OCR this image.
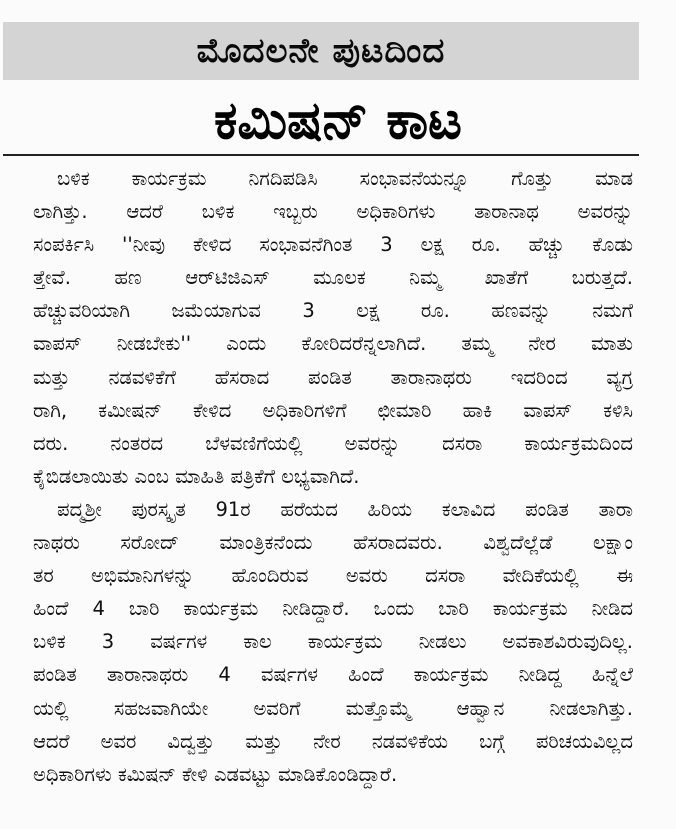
ಮೊದಲನೇ ಪುಟದಿಂದ
ಕಮಿಷನ್ ಕಾಟ
ಬಳಿಕ ಕಾರ್ಯಕ್ರಮ ನಿಗದಿಪಡಿಸಿ ಸಂಭಾವನೆಯನ್ನೂ ಗೊತ್ತು ಮಾಡ
ಲಾಗಿತ್ತು. ಆದರೆ ಬಳಿಕ ಇಬ್ಬರು ಅಧಿಕಾರಿಗಳು ತಾರಾನಾಥ ಅವರನ್ನು
ಸಂಪರ್ಕಿಸಿ ''ನೀವು ಕೇಳಿದ ಸಂಭಾವನೆಗಿಂತ 3 ಲಕ್ಷ ರೂ. ಹೆಚ್ಚು ಕೊಡು
ತ್ತೇವೆ. ಹಣ ಆರ್‌ಟಿಜಿಎಸ್ ಮೂಲಕ ನಿಮ್ಮ ಖಾತೆಗೆ ಬರುತ್ತದೆ.
ಹೆಚ್ಚುವರಿಯಾಗಿ ಜಮೆಯಾಗುವ 3 ಲಕ್ಷ ರೂ. ಹಣವನ್ನು ನಮಗೆ
ವಾಪಸ್ ನೀಡಬೇಕು'' ಎಂದು ಕೋರಿದರೆನ್ನಲಾಗಿದೆ. ತಮ್ಮ ನೇರ ಮಾತು
ಮತ್ತು ನಡವಳಿಕೆಗೆ ಹೆಸರಾದ ಪಂಡಿತ ತಾರಾನಾಥರು ಇದರಿಂದ ವ್ಯಗ್ರ
ರಾಗಿ, ಕಮೀಷನ್ ಕೇಳಿದ ಅಧಿಕಾರಿಗಳಿಗೆ ಛೀಮಾರಿ ಹಾಕಿ ವಾಪಸ್ ಕಳಿಸಿ
ದರು. ನಂತರದ ಬೆಳವಣಿಗೆಯಲ್ಲಿ ಅವರನ್ನು ದಸರಾ ಕಾರ್ಯಕ್ರಮದಿಂದ
ಕೈಬಿಡಲಾಯಿತು ಎಂಬ ಮಾಹಿತಿ ಪತ್ರಿಕೆಗೆ ಲಭ್ಯವಾಗಿದೆ.
ಪದ್ಮಶ್ರೀ ಪುರಸ್ಕೃತ 91ರ ಹರೆಯದ ಹಿರಿಯ ಕಲಾವಿದ ಪಂಡಿತ ತಾರಾ
ನಾಥರು ಸರೋದ್ ಮಾಂತ್ರಿಕನೆಂದು ಹೆಸರಾದವರು. ವಿಶ್ವದೆಲ್ಲೆಡೆ ಲಕ್ಷಾಂ
ತರ ಅಭಿಮಾನಿಗಳನ್ನು ಹೊಂದಿರುವ ಅವರು ದಸರಾ ವೇದಿಕೆಯಲ್ಲಿ ಈ
ಹಿಂದೆ 4 ಬಾರಿ ಕಾರ್ಯಕ್ರಮ ನೀಡಿದ್ದಾರೆ. ಒಂದು ಬಾರಿ ಕಾರ್ಯಕ್ರಮ ನೀಡಿದ
ಬಳಿಕ 3 ವರ್ಷಗಳ ಕಾಲ ಕಾರ್ಯಕ್ರಮ ನೀಡಲು ಅವಕಾಶವಿರುವುದಿಲ್ಲ.
ಪಂಡಿತ ತಾರಾನಾಥರು 4 ವರ್ಷಗಳ ಹಿಂದೆ ಕಾರ್ಯಕ್ರಮ ನೀಡಿದ್ದ ಹಿನ್ನೆಲೆ
ಯಲ್ಲಿ ಸಹಜವಾಗಿಯೇ ಅವರಿಗೆ ಮತ್ತೊಮ್ಮೆ ಆಹ್ವಾನ ನೀಡಲಾಗಿತ್ತು.
ಆದರೆ ಅವರ ವಿದ್ವತ್ತು ಮತ್ತು ನೇರ ನಡವಳಿಕೆಯ ಬಗ್ಗೆ ಪರಿಚಯವಿಲ್ಲದ
ಅಧಿಕಾರಿಗಳು ಕಮಿಷನ್ ಕೇಳಿ ಎಡವಟ್ಟು ಮಾಡಿಕೊಂಡಿದ್ದಾರೆ.
